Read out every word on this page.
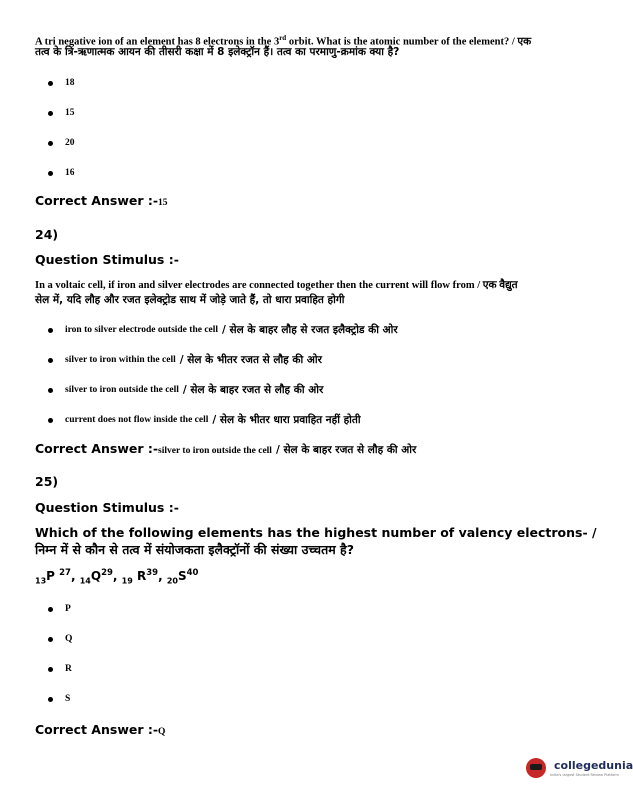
A tri negative ion of an element has 8 electrons in the 3rd orbit. What is the atomic number of the element? / एक
तत्व के त्रि-ऋणात्मक आयन की तीसरी कक्षा में 8 इलेक्ट्रॉन हैं। तत्व का परमाणु-क्रमांक क्या है?
18
15
20
16
Correct Answer :-15
24)
Question Stimulus :-
In a voltaic cell, if iron and silver electrodes are connected together then the current will flow from / एक वैद्युत
सेल में, यदि लौह और रजत इलेक्ट्रोड साथ में जोड़े जाते हैं, तो धारा प्रवाहित होगी
iron to silver electrode outside the cell / सेल के बाहर लौह से रजत इलैक्ट्रोड की ओर
silver to iron within the cell / सेल के भीतर रजत से लौह की ओर
silver to iron outside the cell / सेल के बाहर रजत से लौह की ओर
current does not flow inside the cell / सेल के भीतर धारा प्रवाहित नहीं होती
Correct Answer :-silver to iron outside the cell / सेल के बाहर रजत से लौह की ओर
25)
Question Stimulus :-
Which of the following elements has the highest number of valency electrons- /
निम्न में से कौन से तत्व में संयोजकता इलैक्ट्रॉनों की संख्या उच्चतम है?
$_{13}$P $^{27}$, $_{14}Q^{29}$, $_{19}$ $R^{39}$, $_{20}S^{40}$
P
Q
R
S
Correct Answer :-Q
collegedunia
India's largest Student Review Platform
